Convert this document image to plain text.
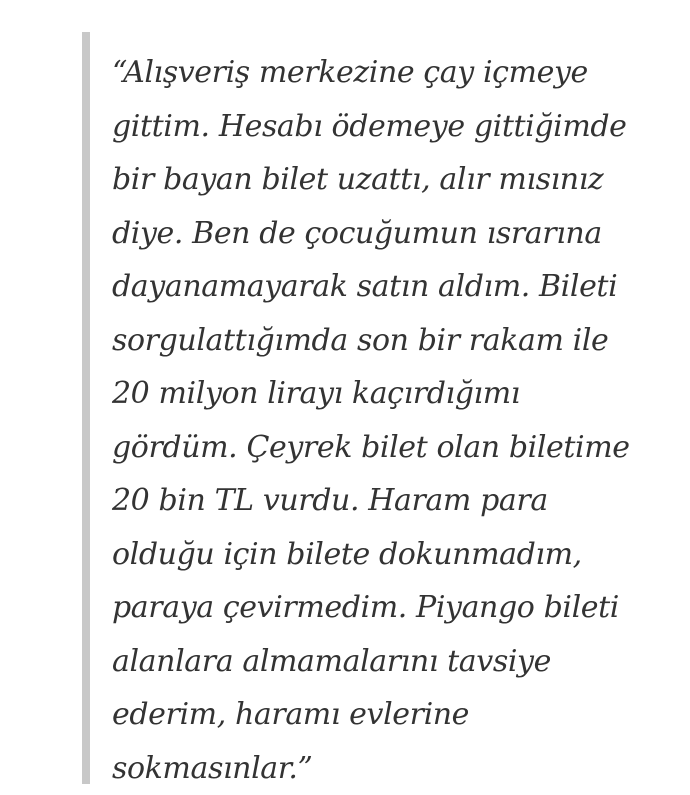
“Alışveriş merkezine çay içmeye
gittim. Hesabı ödemeye gittiğimde
bir bayan bilet uzattı, alır mısınız
diye. Ben de çocuğumun ısrarına
dayanamayarak satın aldım. Bileti
sorgulattığımda son bir rakam ile
20 milyon lirayı kaçırdığımı
gördüm. Çeyrek bilet olan biletime
20 bin TL vurdu. Haram para
olduğu için bilete dokunmadım,
paraya çevirmedim. Piyango bileti
alanlara almamalarını tavsiye
ederim, haramı evlerine
sokmasınlar.”
